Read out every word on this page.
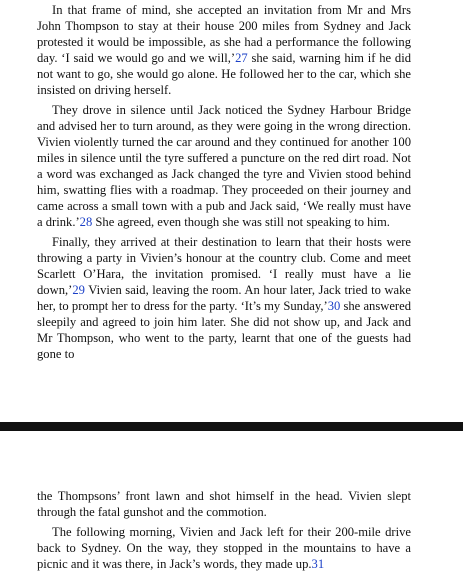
In that frame of mind, she accepted an invitation from Mr and Mrs John Thompson to stay at their house 200 miles from Sydney and Jack protested it would be impossible, as she had a performance the following day. ‘I said we would go and we will,’27 she said, warning him if he did not want to go, she would go alone. He followed her to the car, which she insisted on driving herself.

They drove in silence until Jack noticed the Sydney Harbour Bridge and advised her to turn around, as they were going in the wrong direction. Vivien violently turned the car around and they continued for another 100 miles in silence until the tyre suffered a puncture on the red dirt road. Not a word was exchanged as Jack changed the tyre and Vivien stood behind him, swatting flies with a roadmap. They proceeded on their journey and came across a small town with a pub and Jack said, ‘We really must have a drink.’28 She agreed, even though she was still not speaking to him.

Finally, they arrived at their destination to learn that their hosts were throwing a party in Vivien’s honour at the country club. Come and meet Scarlett O’Hara, the invitation promised. ‘I really must have a lie down,’29 Vivien said, leaving the room. An hour later, Jack tried to wake her, to prompt her to dress for the party. ‘It’s my Sunday,’30 she answered sleepily and agreed to join him later. She did not show up, and Jack and Mr Thompson, who went to the party, learnt that one of the guests had gone to

the Thompsons’ front lawn and shot himself in the head. Vivien slept through the fatal gunshot and the commotion.

The following morning, Vivien and Jack left for their 200-mile drive back to Sydney. On the way, they stopped in the mountains to have a picnic and it was there, in Jack’s words, they made up.31
